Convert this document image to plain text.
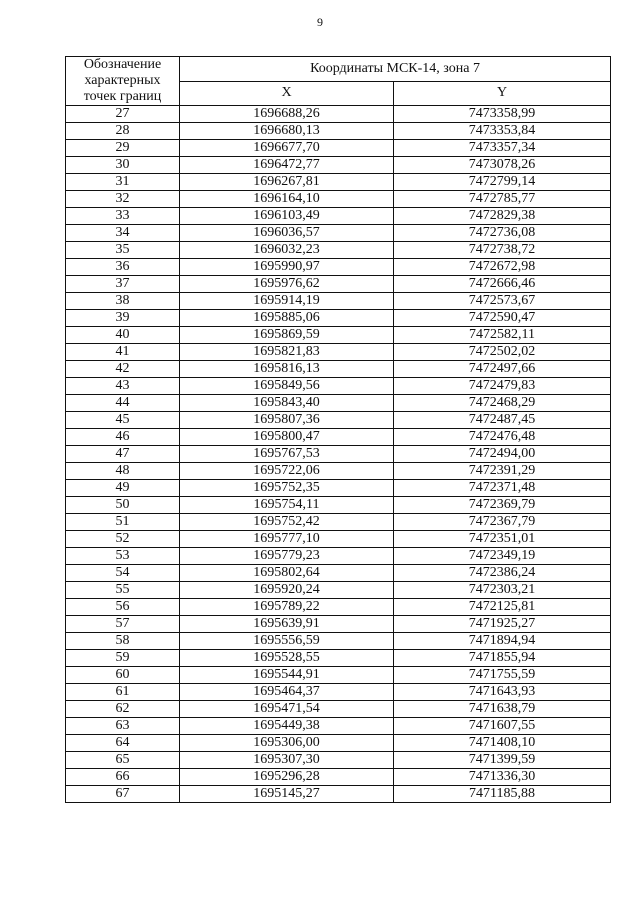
9
Обозначение
характерных
точек границ	Координаты МСК-14, зона 7	
	X	Y
27	1696688,26	7473358,99
28	1696680,13	7473353,84
29	1696677,70	7473357,34
30	1696472,77	7473078,26
31	1696267,81	7472799,14
32	1696164,10	7472785,77
33	1696103,49	7472829,38
34	1696036,57	7472736,08
35	1696032,23	7472738,72
36	1695990,97	7472672,98
37	1695976,62	7472666,46
38	1695914,19	7472573,67
39	1695885,06	7472590,47
40	1695869,59	7472582,11
41	1695821,83	7472502,02
42	1695816,13	7472497,66
43	1695849,56	7472479,83
44	1695843,40	7472468,29
45	1695807,36	7472487,45
46	1695800,47	7472476,48
47	1695767,53	7472494,00
48	1695722,06	7472391,29
49	1695752,35	7472371,48
50	1695754,11	7472369,79
51	1695752,42	7472367,79
52	1695777,10	7472351,01
53	1695779,23	7472349,19
54	1695802,64	7472386,24
55	1695920,24	7472303,21
56	1695789,22	7472125,81
57	1695639,91	7471925,27
58	1695556,59	7471894,94
59	1695528,55	7471855,94
60	1695544,91	7471755,59
61	1695464,37	7471643,93
62	1695471,54	7471638,79
63	1695449,38	7471607,55
64	1695306,00	7471408,10
65	1695307,30	7471399,59
66	1695296,28	7471336,30
67	1695145,27	7471185,88
